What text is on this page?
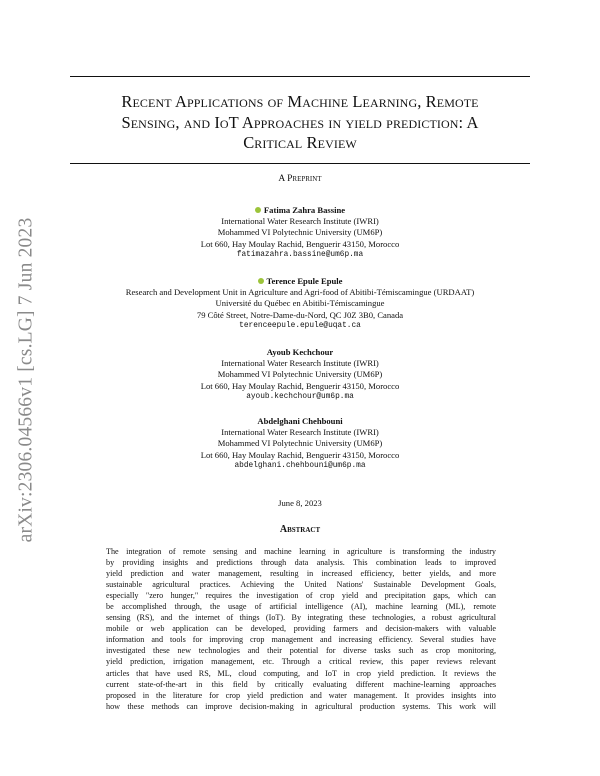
arXiv:2306.04566v1 [cs.LG] 7 Jun 2023
Recent Applications of Machine Learning, Remote
Sensing, and IoT Approaches in yield prediction: A
Critical Review
A Preprint
Fatima Zahra Bassine
International Water Research Institute (IWRI)
Mohammed VI Polytechnic University (UM6P)
Lot 660, Hay Moulay Rachid, Benguerir 43150, Morocco
fatimazahra.bassine@um6p.ma
Terence Epule Epule
Research and Development Unit in Agriculture and Agri-food of Abitibi-Témiscamingue (URDAAT)
Université du Québec en Abitibi-Témiscamingue
79 Côté Street, Notre-Dame-du-Nord, QC J0Z 3B0, Canada
terenceepule.epule@uqat.ca
Ayoub Kechchour
International Water Research Institute (IWRI)
Mohammed VI Polytechnic University (UM6P)
Lot 660, Hay Moulay Rachid, Benguerir 43150, Morocco
ayoub.kechchour@um6p.ma
Abdelghani Chehbouni
International Water Research Institute (IWRI)
Mohammed VI Polytechnic University (UM6P)
Lot 660, Hay Moulay Rachid, Benguerir 43150, Morocco
abdelghani.chehbouni@um6p.ma
June 8, 2023
Abstract
The integration of remote sensing and machine learning in agriculture is transforming the industry
by providing insights and predictions through data analysis. This combination leads to improved
yield prediction and water management, resulting in increased efficiency, better yields, and more
sustainable agricultural practices. Achieving the United Nations' Sustainable Development Goals,
especially "zero hunger," requires the investigation of crop yield and precipitation gaps, which can
be accomplished through, the usage of artificial intelligence (AI), machine learning (ML), remote
sensing (RS), and the internet of things (IoT). By integrating these technologies, a robust agricultural
mobile or web application can be developed, providing farmers and decision-makers with valuable
information and tools for improving crop management and increasing efficiency. Several studies have
investigated these new technologies and their potential for diverse tasks such as crop monitoring,
yield prediction, irrigation management, etc. Through a critical review, this paper reviews relevant
articles that have used RS, ML, cloud computing, and IoT in crop yield prediction. It reviews the
current state-of-the-art in this field by critically evaluating different machine-learning approaches
proposed in the literature for crop yield prediction and water management. It provides insights into
how these methods can improve decision-making in agricultural production systems. This work will
